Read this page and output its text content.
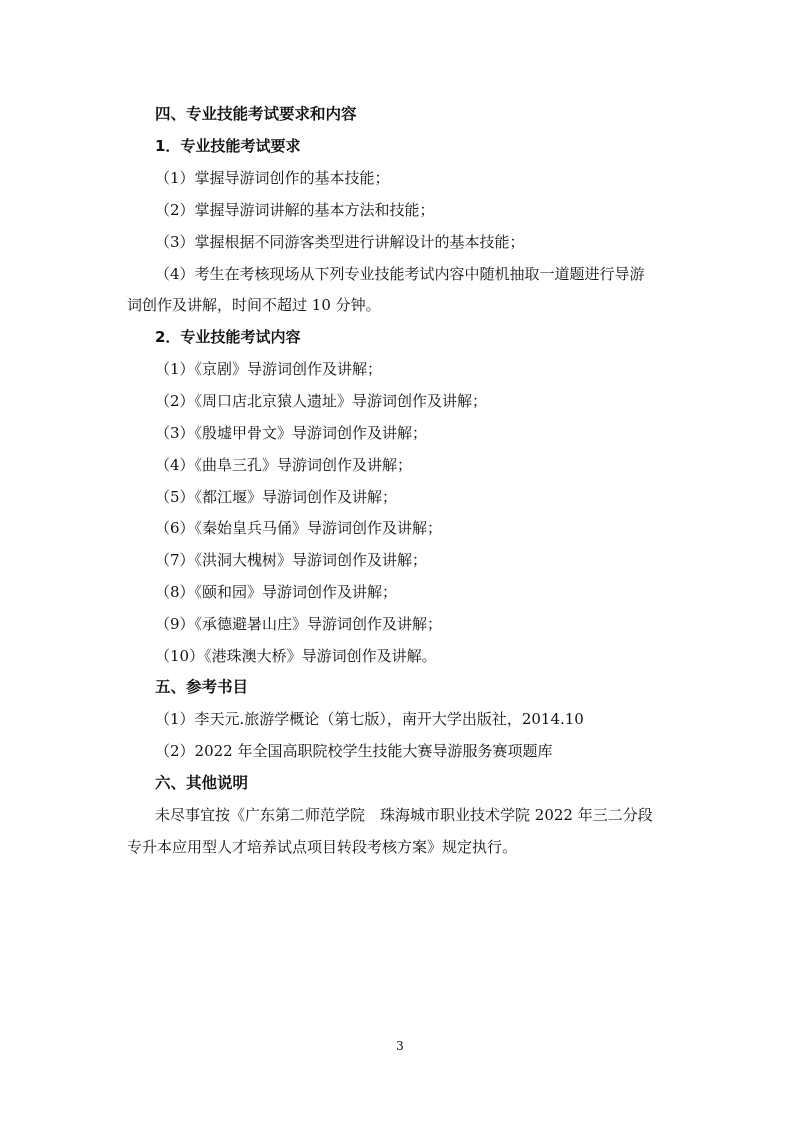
四、专业技能考试要求和内容
1．专业技能考试要求
（1）掌握导游词创作的基本技能；
（2）掌握导游词讲解的基本方法和技能；
（3）掌握根据不同游客类型进行讲解设计的基本技能；
（4）考生在考核现场从下列专业技能考试内容中随机抽取一道题进行导游
词创作及讲解，时间不超过 10 分钟。
2．专业技能考试内容
（1）《京剧》导游词创作及讲解；
（2）《周口店北京猿人遗址》导游词创作及讲解；
（3）《殷墟甲骨文》导游词创作及讲解；
（4）《曲阜三孔》导游词创作及讲解；
（5）《都江堰》导游词创作及讲解；
（6）《秦始皇兵马俑》导游词创作及讲解；
（7）《洪洞大槐树》导游词创作及讲解；
（8）《颐和园》导游词创作及讲解；
（9）《承德避暑山庄》导游词创作及讲解；
（10）《港珠澳大桥》导游词创作及讲解。
五、参考书目
（1）李天元.旅游学概论（第七版），南开大学出版社，2014.10
（2）2022 年全国高职院校学生技能大赛导游服务赛项题库
六、其他说明
未尽事宜按《广东第二师范学院　珠海城市职业技术学院 2022 年三二分段
专升本应用型人才培养试点项目转段考核方案》规定执行。
3
